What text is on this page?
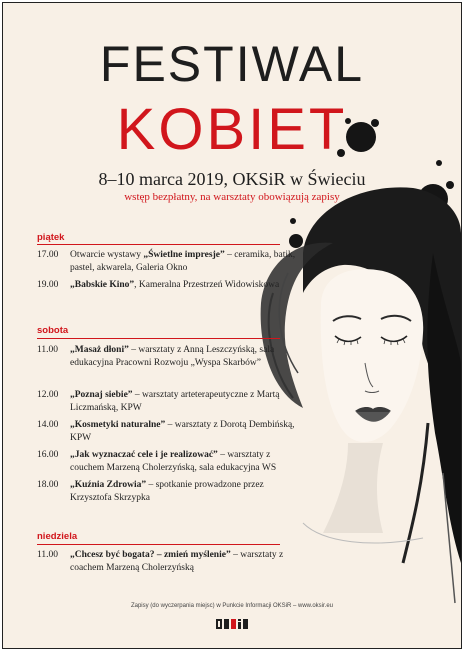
FESTIWAL
KOBIET
8–10 marca 2019, OKSiR w Świeciu
wstęp bezpłatny, na warsztaty obowiązują zapisy
piątek
17.00	Otwarcie wystawy „Świetlne impresje” – ceramika, batik, pastel, akwarela, Galeria Okno
19.00	„Babskie Kino”, Kameralna Przestrzeń Widowiskowa
sobota
11.00	„Masaż dłoni” – warsztaty z Anną Leszczyńską, sala edukacyjna Pracowni Rozwoju „Wyspa Skarbów”
12.00	„Poznaj siebie” – warsztaty arteterapeutyczne z Martą Liczmańską, KPW
14.00	„Kosmetyki naturalne” – warsztaty z Dorotą Dembińską, KPW
16.00	„Jak wyznaczać cele i je realizować” – warsztaty z couchem Marzeną Cholerzyńską, sala edukacyjna WS
18.00	„Kuźnia Zdrowia” – spotkanie prowadzone przez Krzysztofa Skrzypka
niedziela
11.00	„Chcesz być bogata? – zmień myślenie” – warsztaty z coachem Marzeną Cholerzyńską
Zapisy (do wyczerpania miejsc) w Punkcie Informacji OKSiR – www.oksir.eu
